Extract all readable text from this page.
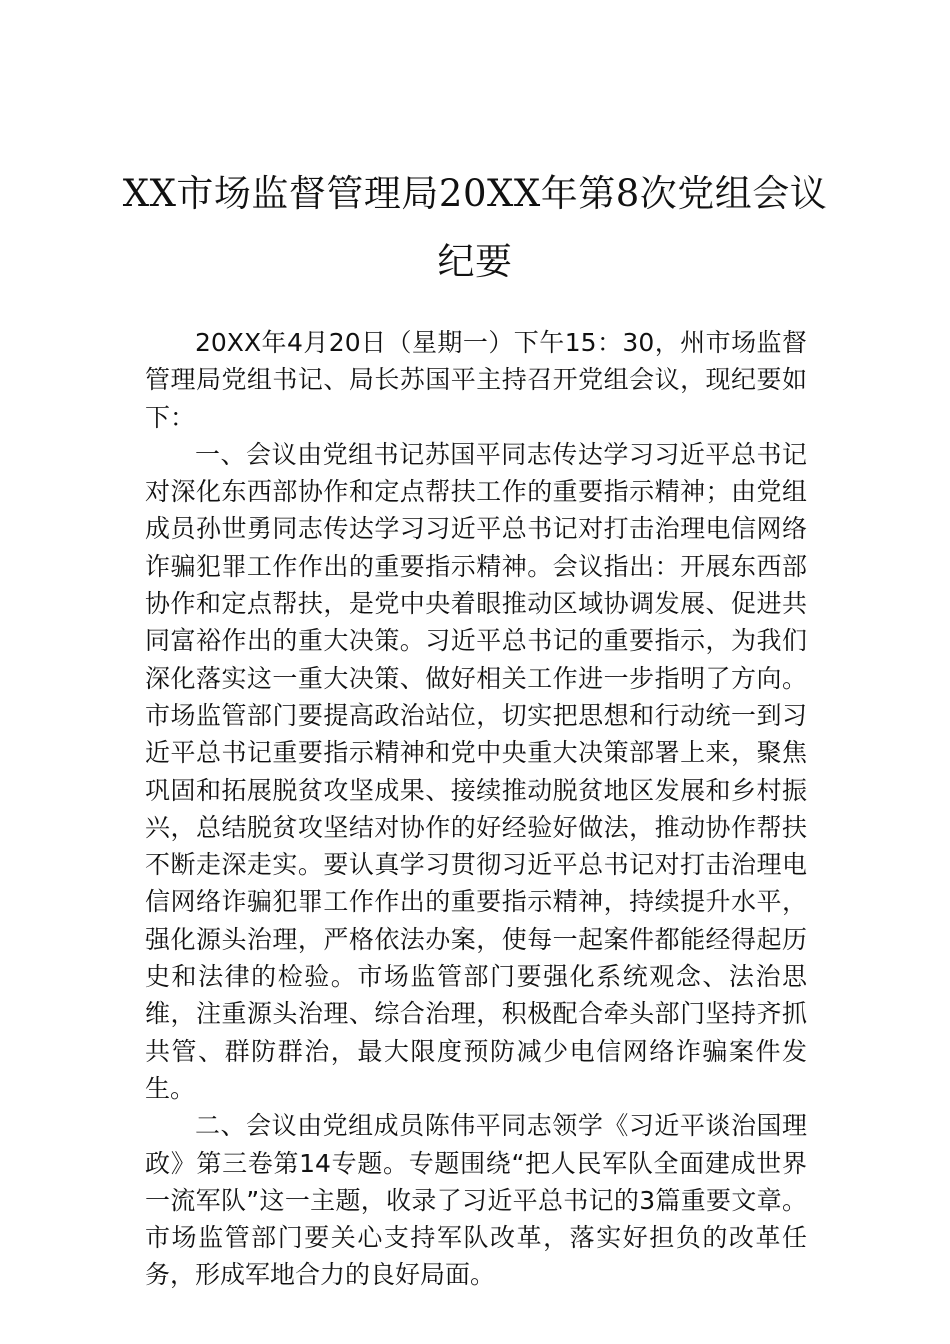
XX市场监督管理局20XX年第8次党组会议纪要

20XX年4月20日（星期一）下午15：30，州市场监督管理局党组书记、局长苏国平主持召开党组会议，现纪要如下：

一、会议由党组书记苏国平同志传达学习习近平总书记对深化东西部协作和定点帮扶工作的重要指示精神；由党组成员孙世勇同志传达学习习近平总书记对打击治理电信网络诈骗犯罪工作作出的重要指示精神。会议指出：开展东西部协作和定点帮扶，是党中央着眼推动区域协调发展、促进共同富裕作出的重大决策。习近平总书记的重要指示，为我们深化落实这一重大决策、做好相关工作进一步指明了方向。市场监管部门要提高政治站位，切实把思想和行动统一到习近平总书记重要指示精神和党中央重大决策部署上来，聚焦巩固和拓展脱贫攻坚成果、接续推动脱贫地区发展和乡村振兴，总结脱贫攻坚结对协作的好经验好做法，推动协作帮扶不断走深走实。要认真学习贯彻习近平总书记对打击治理电信网络诈骗犯罪工作作出的重要指示精神，持续提升水平，强化源头治理，严格依法办案，使每一起案件都能经得起历史和法律的检验。市场监管部门要强化系统观念、法治思维，注重源头治理、综合治理，积极配合牵头部门坚持齐抓共管、群防群治，最大限度预防减少电信网络诈骗案件发生。

二、会议由党组成员陈伟平同志领学《习近平谈治国理政》第三卷第14专题。专题围绕“把人民军队全面建成世界一流军队”这一主题，收录了习近平总书记的3篇重要文章。市场监管部门要关心支持军队改革，落实好担负的改革任务，形成军地合力的良好局面。
